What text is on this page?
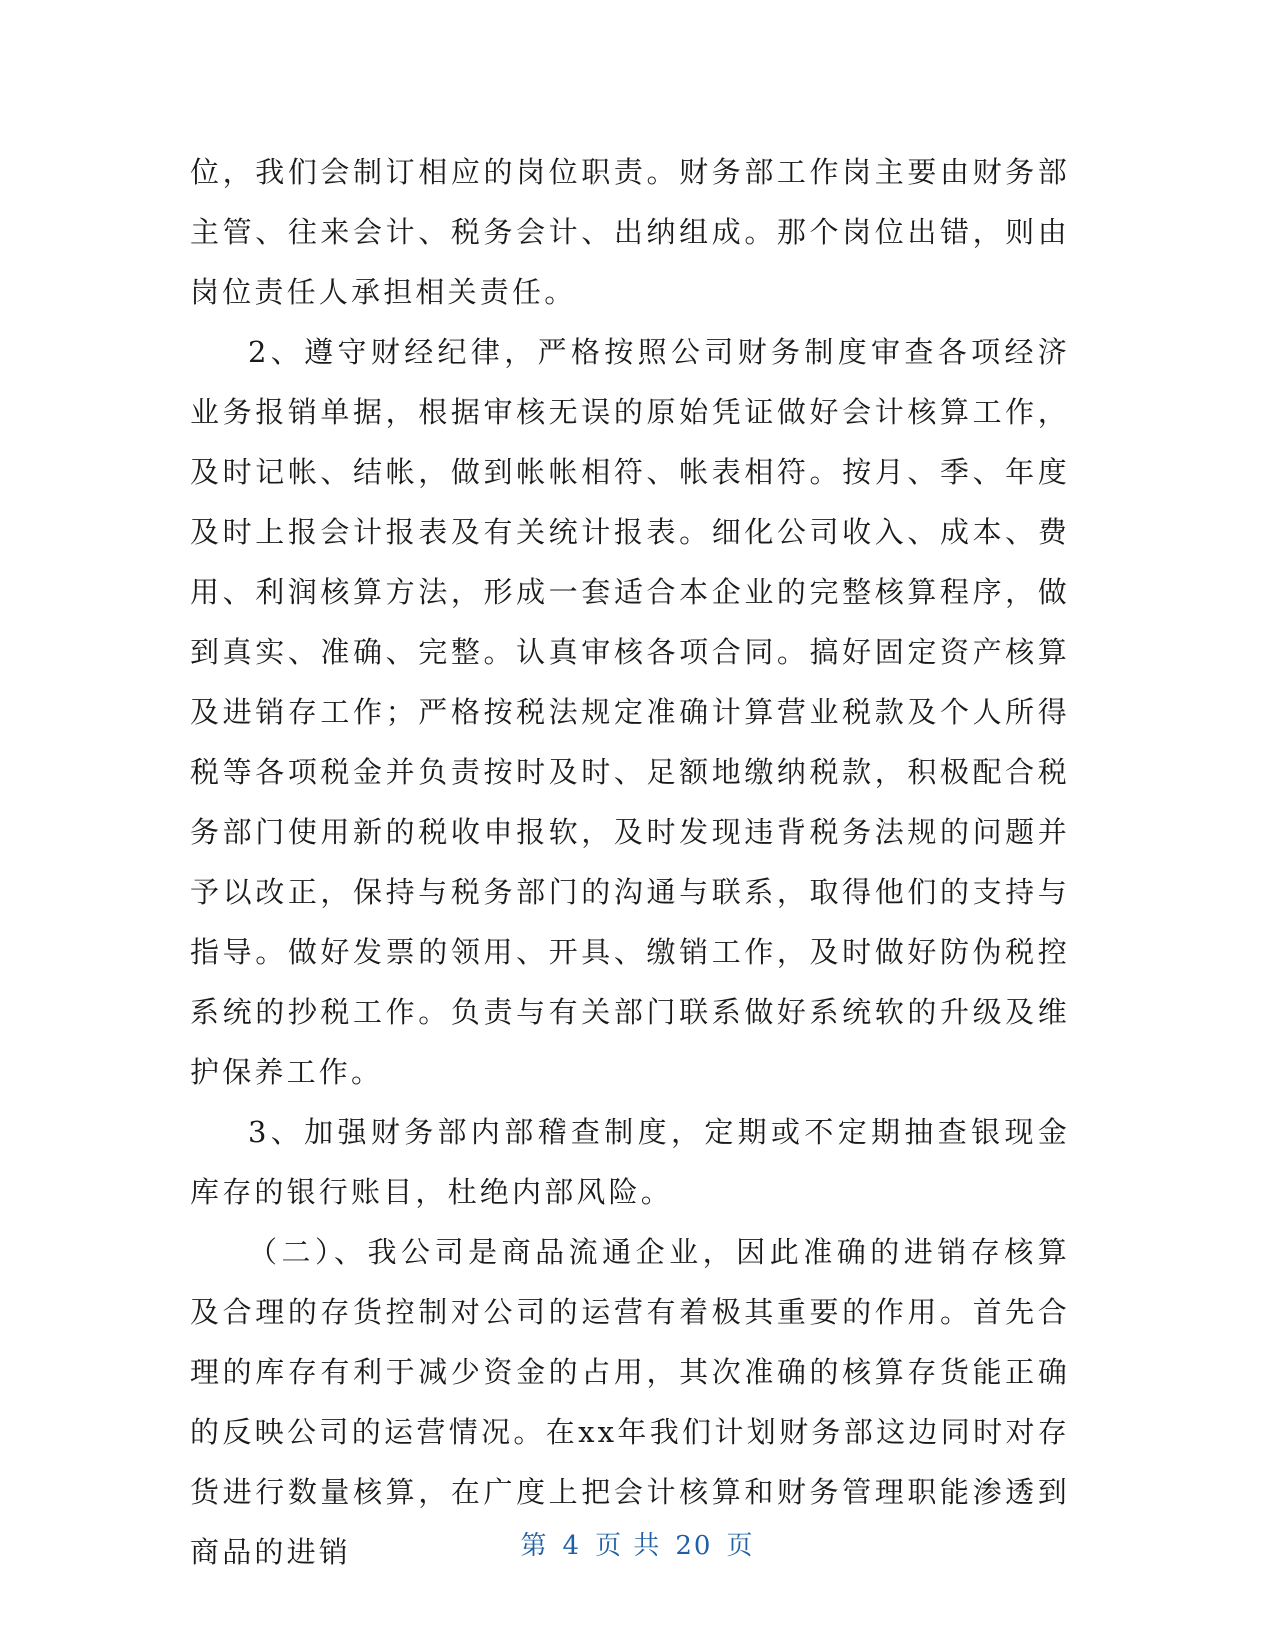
位，我们会制订相应的岗位职责。财务部工作岗主要由财务部主管、往来会计、税务会计、出纳组成。那个岗位出错，则由岗位责任人承担相关责任。

2、遵守财经纪律，严格按照公司财务制度审查各项经济业务报销单据，根据审核无误的原始凭证做好会计核算工作，及时记帐、结帐，做到帐帐相符、帐表相符。按月、季、年度及时上报会计报表及有关统计报表。细化公司收入、成本、费用、利润核算方法，形成一套适合本企业的完整核算程序，做到真实、准确、完整。认真审核各项合同。搞好固定资产核算及进销存工作；严格按税法规定准确计算营业税款及个人所得税等各项税金并负责按时及时、足额地缴纳税款，积极配合税务部门使用新的税收申报软，及时发现违背税务法规的问题并予以改正，保持与税务部门的沟通与联系，取得他们的支持与指导。做好发票的领用、开具、缴销工作，及时做好防伪税控系统的抄税工作。负责与有关部门联系做好系统软的升级及维护保养工作。

3、加强财务部内部稽查制度，定期或不定期抽查银现金库存的银行账目，杜绝内部风险。

（二）、我公司是商品流通企业，因此准确的进销存核算及合理的存货控制对公司的运营有着极其重要的作用。首先合理的库存有利于减少资金的占用，其次准确的核算存货能正确的反映公司的运营情况。在xx年我们计划财务部这边同时对存货进行数量核算，在广度上把会计核算和财务管理职能渗透到商品的进销	第 4 页 共 20 页
